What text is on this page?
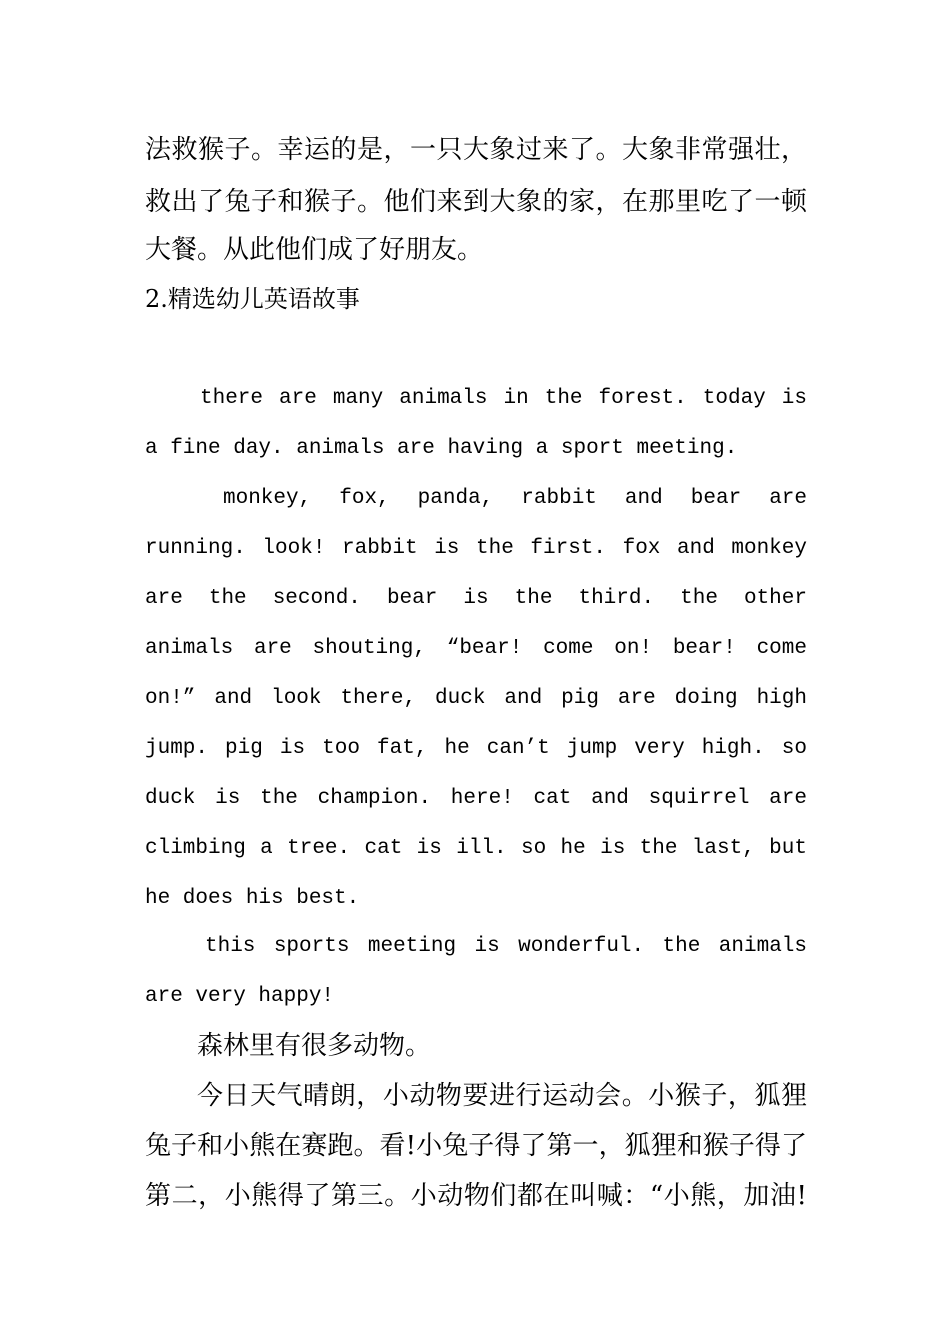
法救猴子。幸运的是，一只大象过来了。大象非常强壮，
救出了兔子和猴子。他们来到大象的家，在那里吃了一顿
大餐。从此他们成了好朋友。
2.精选幼儿英语故事
there are many animals in the forest. today is
a fine day. animals are having a sport meeting.
monkey, fox, panda, rabbit and bear are
running. look! rabbit is the first. fox and monkey
are the second. bear is the third. the other
animals are shouting, “bear! come on! bear! come
on!” and look there, duck and pig are doing high
jump. pig is too fat, he can’t jump very high. so
duck is the champion. here! cat and squirrel are
climbing a tree. cat is ill. so he is the last, but
he does his best.
this sports meeting is wonderful. the animals
are very happy!
森林里有很多动物。
今日天气晴朗，小动物要进行运动会。小猴子，狐狸
兔子和小熊在赛跑。看!小兔子得了第一，狐狸和猴子得了
第二，小熊得了第三。小动物们都在叫喊：“小熊，加油!
